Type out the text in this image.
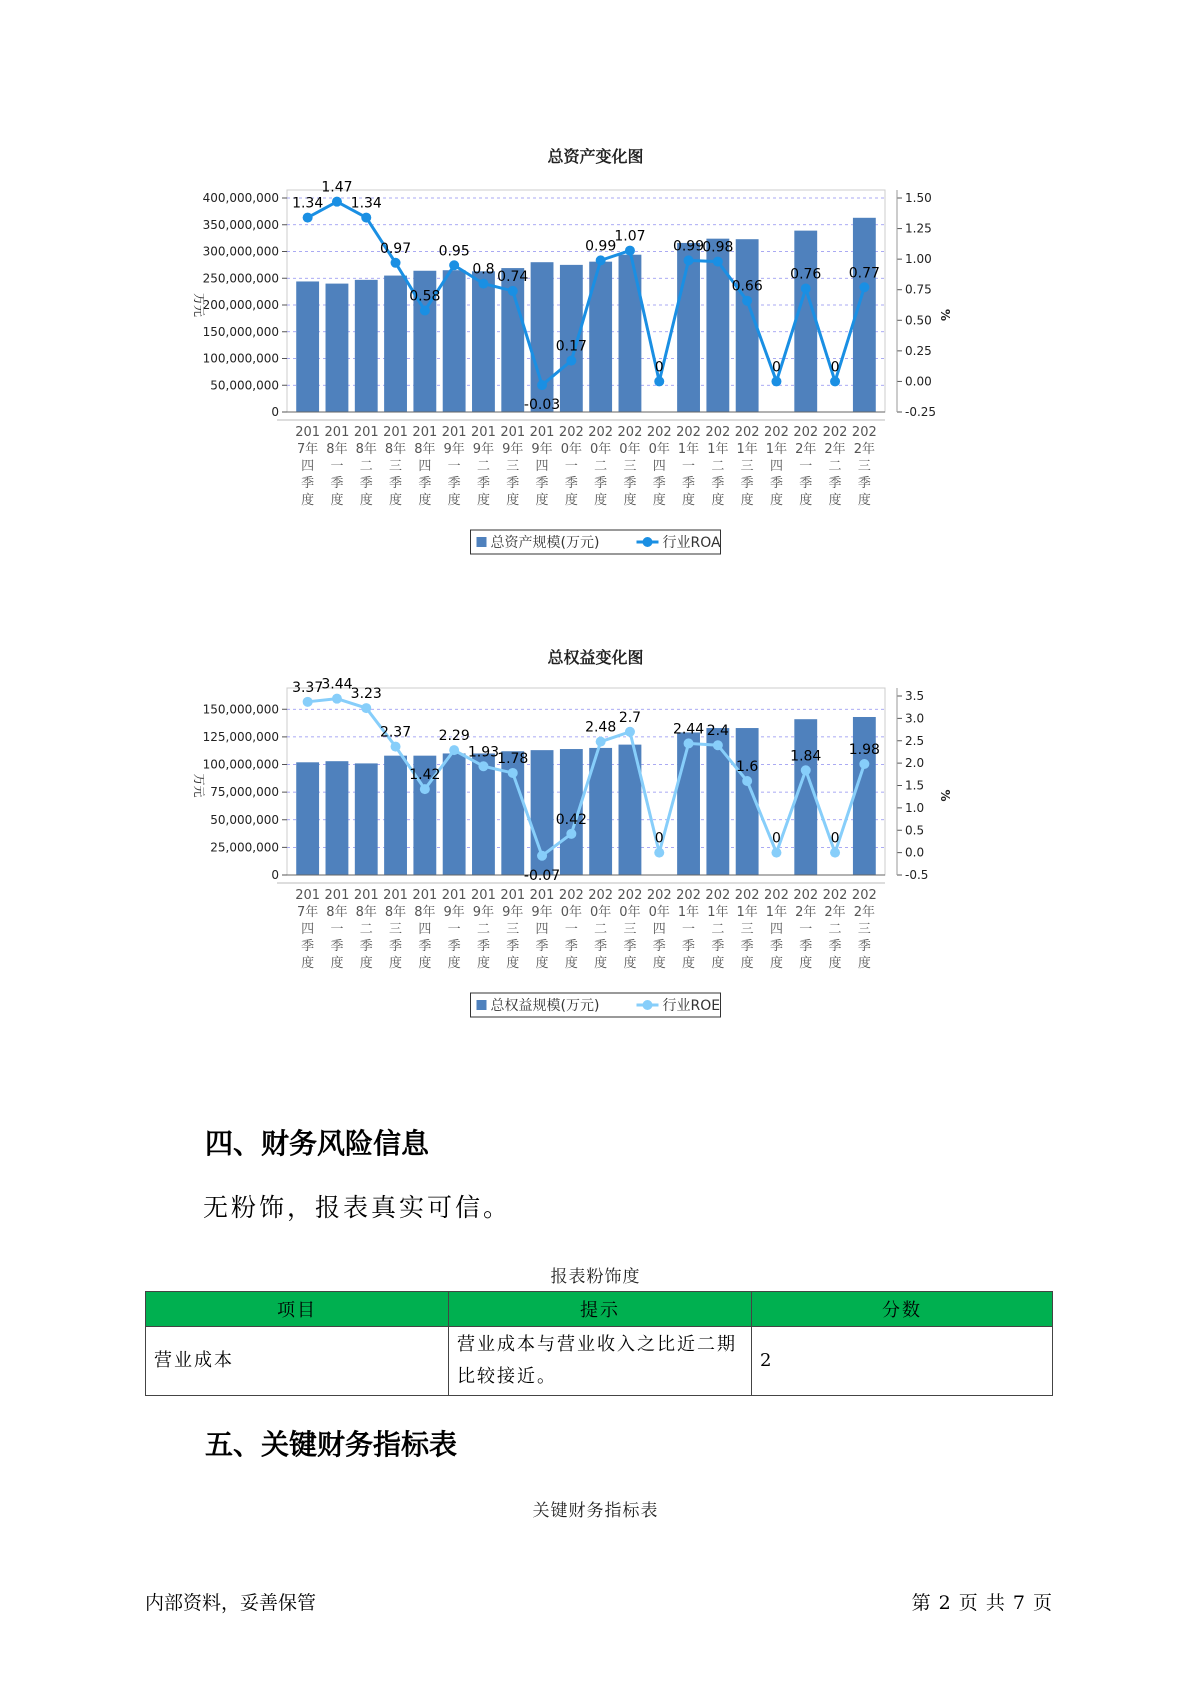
总资产变化图
0
50,000,000
100,000,000
150,000,000
200,000,000
250,000,000
300,000,000
350,000,000
400,000,000
-0.25
0.00
0.25
0.50
0.75
1.00
1.25
1.50
万元	%
1.34
1.47
1.34
0.97
0.58
0.95
0.8 0.74
-0.03
0.17
0.99
1.07
0
0.99
0.98
0.66
0
0.76
0
0.77
201 7年四季度
201 8年一季度
201 8年二季度
201 8年三季度
201 8年四季度
201 9年一季度
201 9年二季度
201 9年三季度
201 9年四季度
202 0年一季度
202 0年二季度
202 0年三季度
202 0年四季度
202 1年一季度
202 1年二季度
202 1年三季度
202 1年四季度
202 2年一季度
202 2年二季度
202 2年三季度
总资产规模(万元)	行业ROA
总权益变化图
0
25,000,000
50,000,000
75,000,000
100,000,000
125,000,000
150,000,000
-0.5
0.0
0.5
1.0
1.5
2.0
2.5
3.0
3.5
万元	%
3.37
3.44
3.23
2.37
1.42
2.29
1.93
1.78
-0.07
0.42
2.48
2.7
0
2.44 2.4
1.6
0
1.84
0
1.98
201 7年四季度
201 8年一季度
201 8年二季度
201 8年三季度
201 8年四季度
201 9年一季度
201 9年二季度
201 9年三季度
201 9年四季度
202 0年一季度
202 0年二季度
202 0年三季度
202 0年四季度
202 1年一季度
202 1年二季度
202 1年三季度
202 1年四季度
202 2年一季度
202 2年二季度
202 2年三季度
总权益规模(万元)	行业ROE
四、财务风险信息

无粉饰，报表真实可信。

报表粉饰度
项目	提示	分数
营业成本	营业成本与营业收入之比近二期比较接近。	2
五、关键财务指标表
关键财务指标表
内部资料，妥善保管	第 2 页 共 7 页
